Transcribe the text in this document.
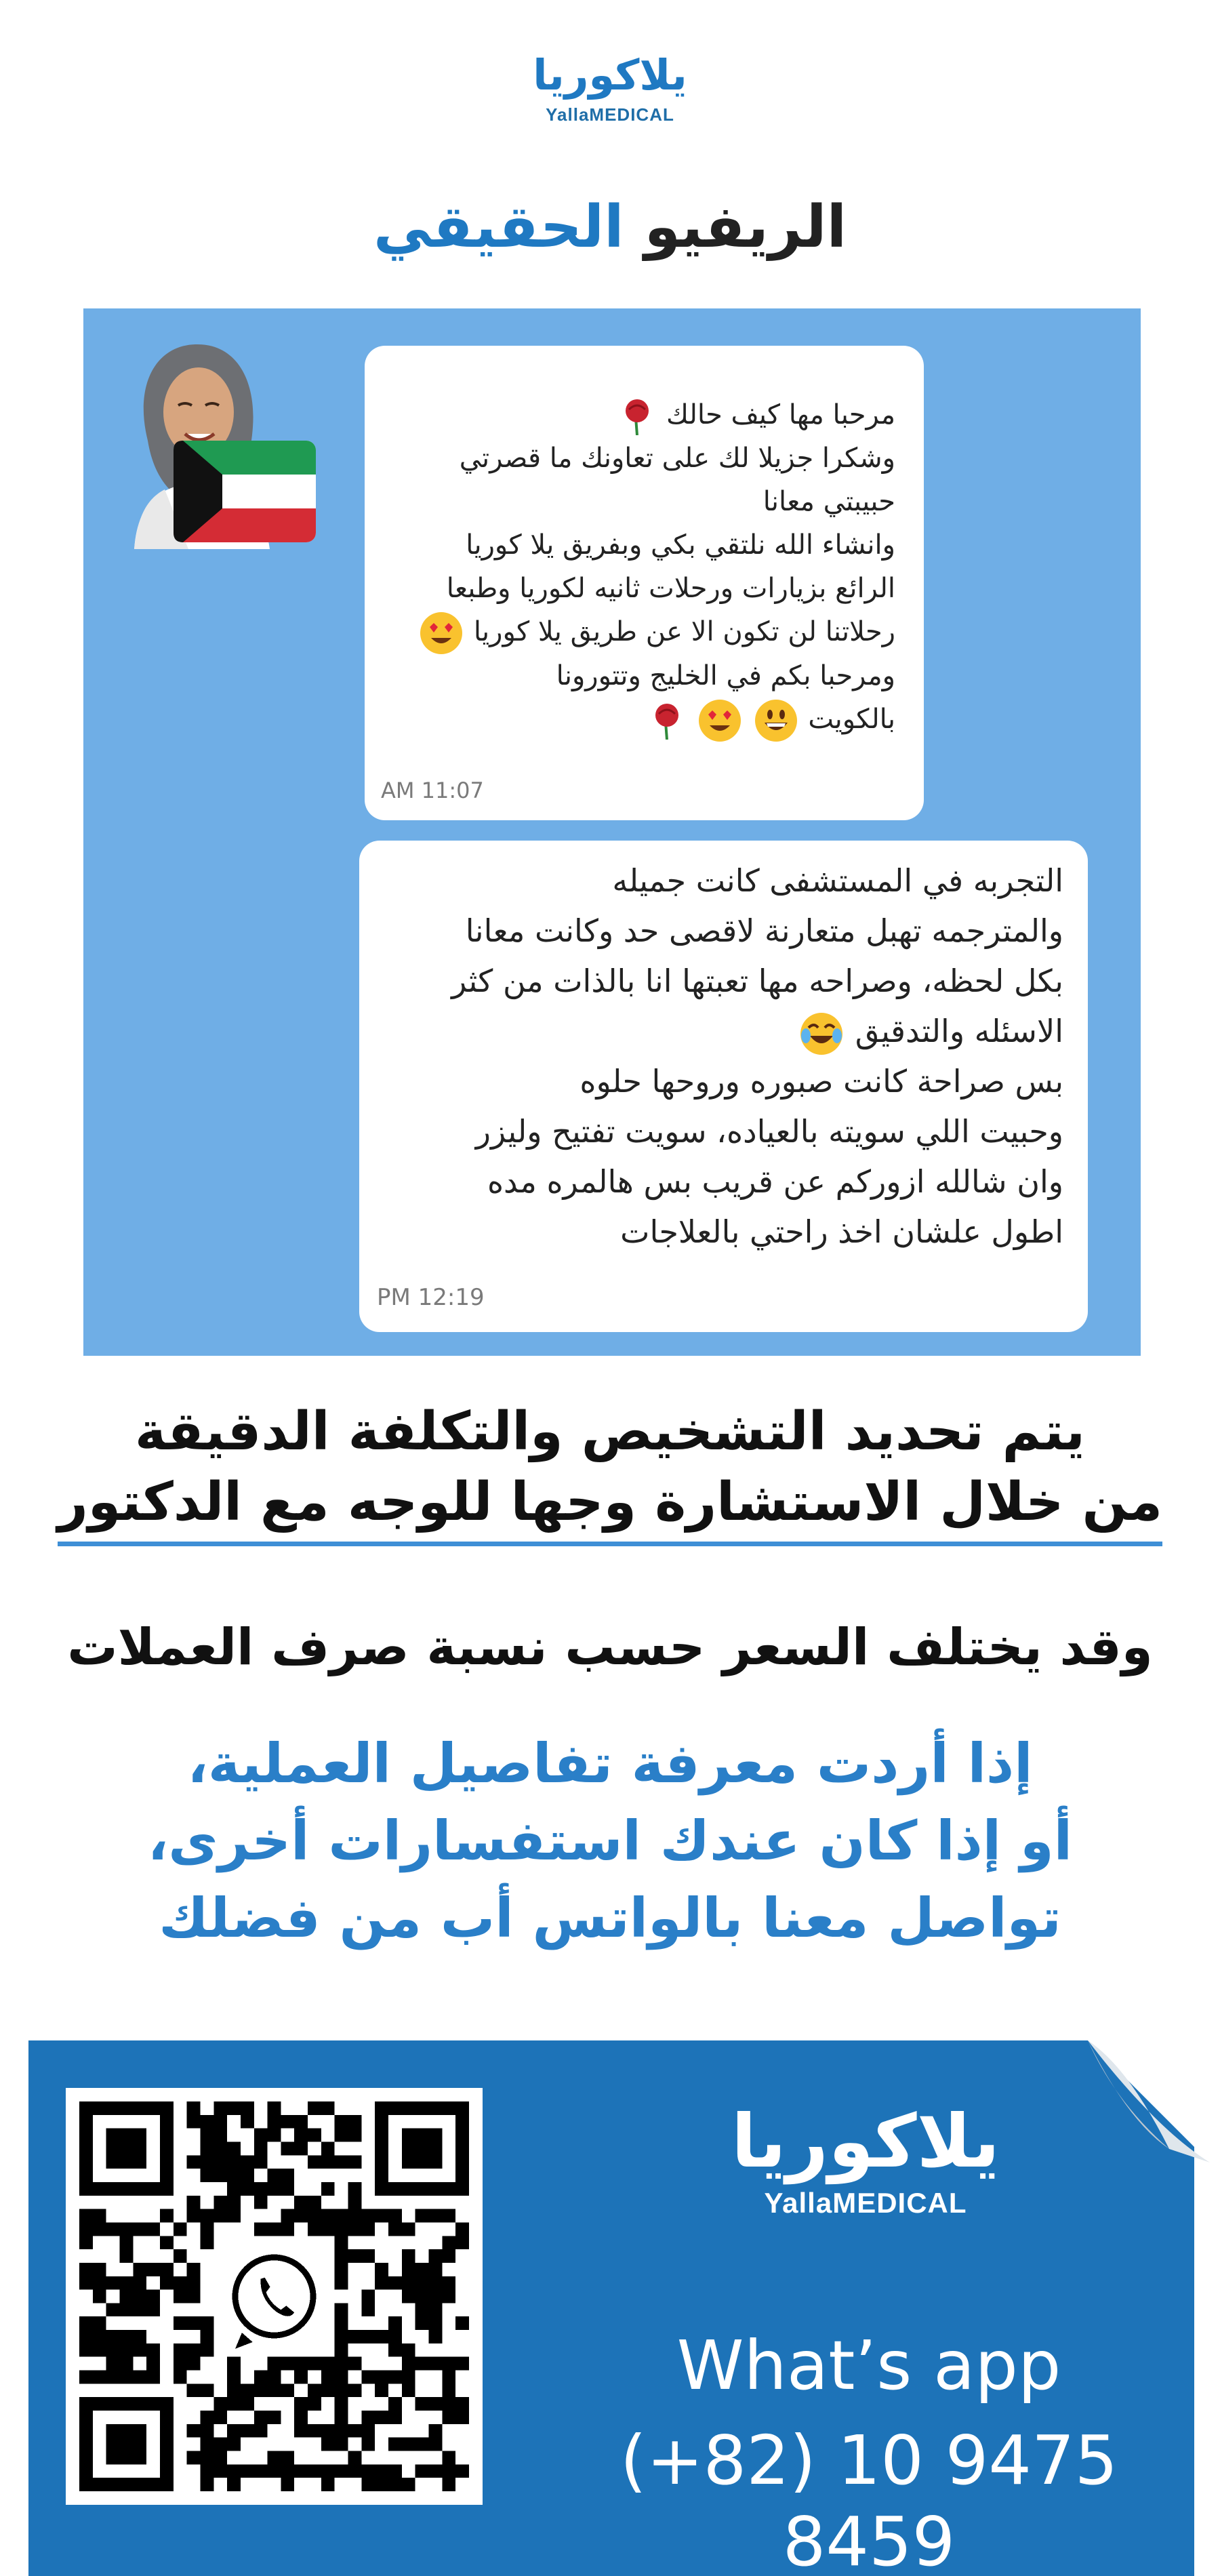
يلاكوريا
YallaMEDICAL
الريفيو الحقيقي

مرحبا مها كيف حالك

وشكرا جزيلا لك على تعاونك ما قصرتي

حبيبتي معانا

وانشاء الله نلتقي بكي وبفريق يلا كوريا

الرائع بزيارات ورحلات ثانيه لكوريا وطبعا

رحلاتنا لن تكون الا عن طريق يلا كوريا

ومرحبا بكم في الخليج وتتورونا

بالكويت

AM 11:07

التجربه في المستشفى كانت جميله

والمترجمه تهبل متعارنة لاقصى حد وكانت معانا

بكل لحظه، وصراحه مها تعبتها انا بالذات من كثر

الاسئله والتدقيق

بس صراحة كانت صبوره وروحها حلوه

وحبيت اللي سويته بالعياده، سويت تفتيح وليزر

وان شالله ازوركم عن قريب بس هالمره مده

اطول علشان اخذ راحتي بالعلاجات

PM 12:19
يتم تحديد التشخيص والتكلفة الدقيقة
من خلال الاستشارة وجها للوجه مع الدكتور
وقد يختلف السعر حسب نسبة صرف العملات
إذا أردت معرفة تفاصيل العملية،
أو إذا كان عندك استفسارات أخرى،
تواصل معنا بالواتس أب من فضلك
يلاكوريا
YallaMEDICAL
What’s app
(+82) 10 9475 8459
